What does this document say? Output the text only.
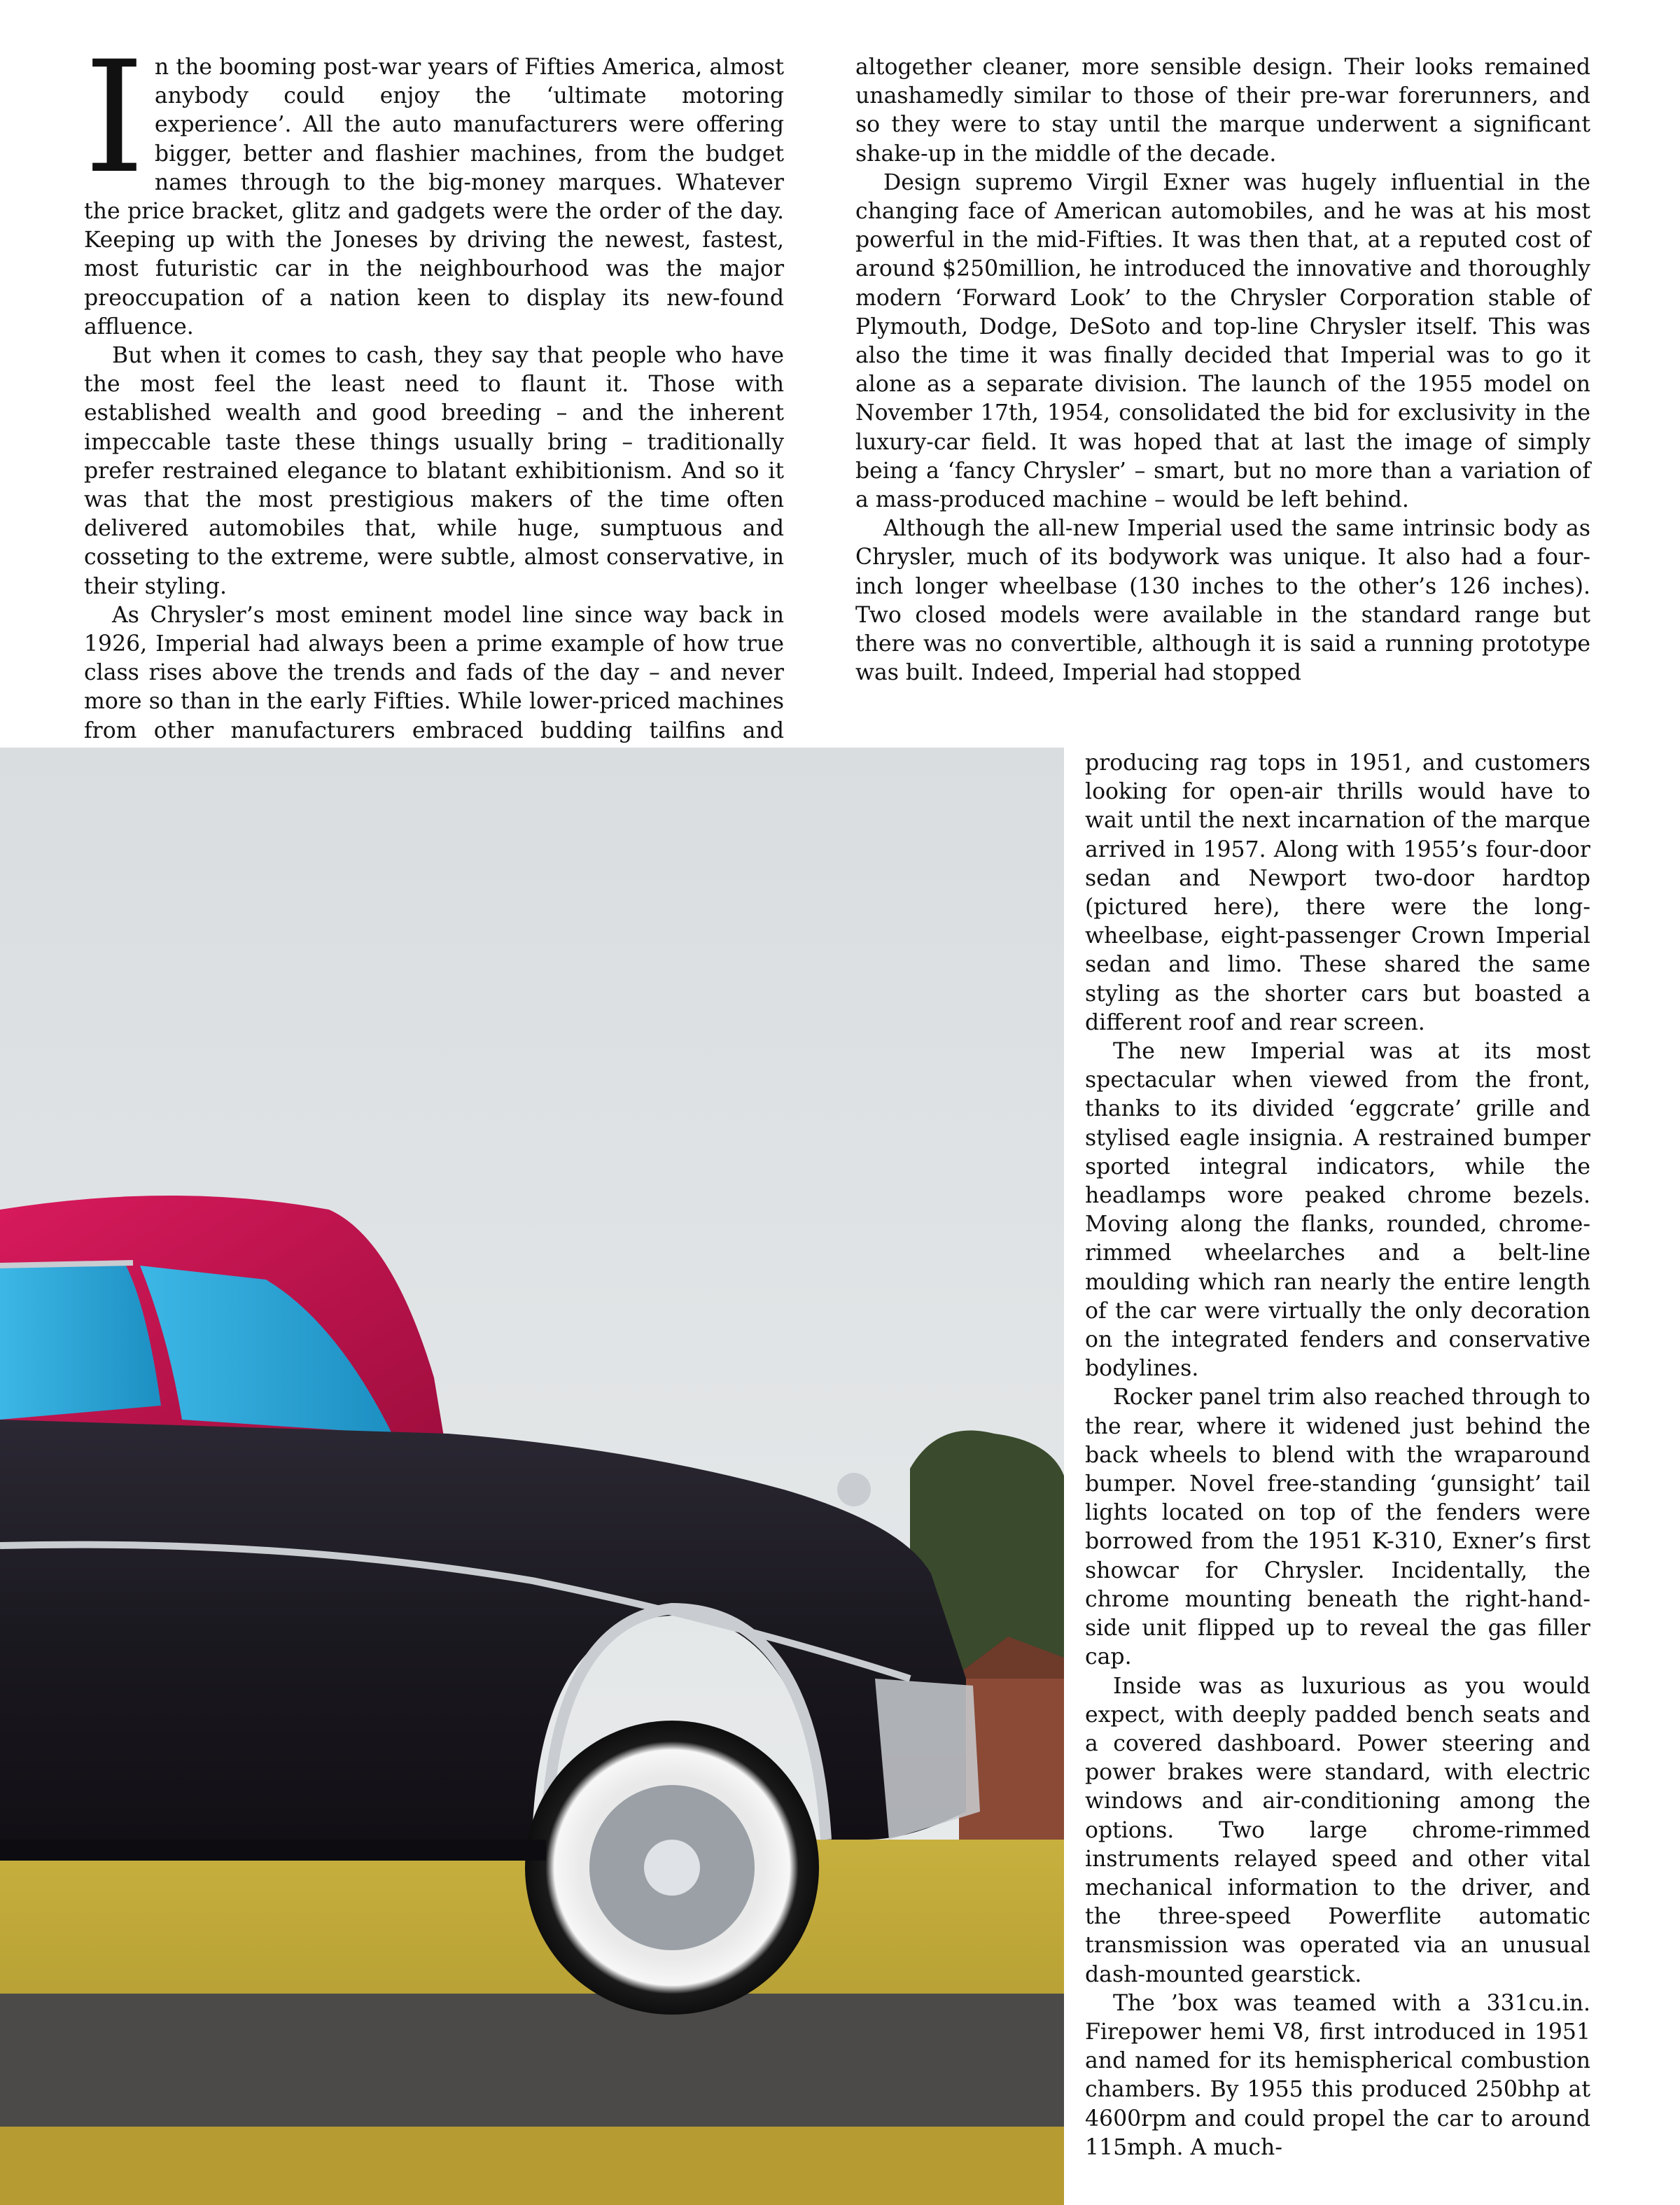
In the booming post-war years of Fifties America, almost anybody could enjoy the ‘ultimate motoring experience’. All the auto manufacturers were offering bigger, better and flashier machines, from the budget names through to the big-money marques. Whatever the price bracket, glitz and gadgets were the order of the day. Keeping up with the Joneses by driving the newest, fastest, most futuristic car in the neighbourhood was the major preoccupation of a nation keen to display its new-found affluence.

But when it comes to cash, they say that people who have the most feel the least need to flaunt it. Those with established wealth and good breeding – and the inherent impeccable taste these things usually bring – traditionally prefer restrained elegance to blatant exhibitionism. And so it was that the most prestigious makers of the time often delivered automobiles that, while huge, sumptuous and cosseting to the extreme, were subtle, almost conservative, in their styling.

As Chrysler’s most eminent model line since way back in 1926, Imperial had always been a prime example of how true class rises above the trends and fads of the day – and never more so than in the early Fifties. While lower-priced machines from other manufacturers embraced budding tailfins and

altogether cleaner, more sensible design. Their looks remained unashamedly similar to those of their pre-war forerunners, and so they were to stay until the marque underwent a significant shake-up in the middle of the decade.

Design supremo Virgil Exner was hugely influential in the changing face of American automobiles, and he was at his most powerful in the mid-Fifties. It was then that, at a reputed cost of around $250million, he introduced the innovative and thoroughly modern ‘Forward Look’ to the Chrysler Corporation stable of Plymouth, Dodge, DeSoto and top-line Chrysler itself. This was also the time it was finally decided that Imperial was to go it alone as a separate division. The launch of the 1955 model on November 17th, 1954, consolidated the bid for exclusivity in the luxury-car field. It was hoped that at last the image of simply being a ‘fancy Chrysler’ – smart, but no more than a variation of a mass-produced machine – would be left behind.

Although the all-new Imperial used the same intrinsic body as Chrysler, much of its bodywork was unique. It also had a four-inch longer wheelbase (130 inches to the other’s 126 inches). Two closed models were available in the standard range but there was no convertible, although it is said a running prototype was built. Indeed, Imperial had stopped

producing rag tops in 1951, and customers looking for open-air thrills would have to wait until the next incarnation of the marque arrived in 1957. Along with 1955’s four-door sedan and Newport two-door hardtop (pictured here), there were the long-wheelbase, eight-passenger Crown Imperial sedan and limo. These shared the same styling as the shorter cars but boasted a different roof and rear screen.

The new Imperial was at its most spectacular when viewed from the front, thanks to its divided ‘eggcrate’ grille and stylised eagle insignia. A restrained bumper sported integral indicators, while the headlamps wore peaked chrome bezels. Moving along the flanks, rounded, chrome-rimmed wheelarches and a belt-line moulding which ran nearly the entire length of the car were virtually the only decoration on the integrated fenders and conservative bodylines.

Rocker panel trim also reached through to the rear, where it widened just behind the back wheels to blend with the wraparound bumper. Novel free-standing ‘gunsight’ tail lights located on top of the fenders were borrowed from the 1951 K-310, Exner’s first showcar for Chrysler. Incidentally, the chrome mounting beneath the right-hand-side unit flipped up to reveal the gas filler cap.

Inside was as luxurious as you would expect, with deeply padded bench seats and a covered dashboard. Power steering and power brakes were standard, with electric windows and air-conditioning among the options. Two large chrome-rimmed instruments relayed speed and other vital mechanical information to the driver, and the three-speed Powerflite automatic transmission was operated via an unusual dash-mounted gearstick.

The ’box was teamed with a 331cu.in. Firepower hemi V8, first introduced in 1951 and named for its hemispherical combustion chambers. By 1955 this produced 250bhp at 4600rpm and could propel the car to around 115mph. A much-
